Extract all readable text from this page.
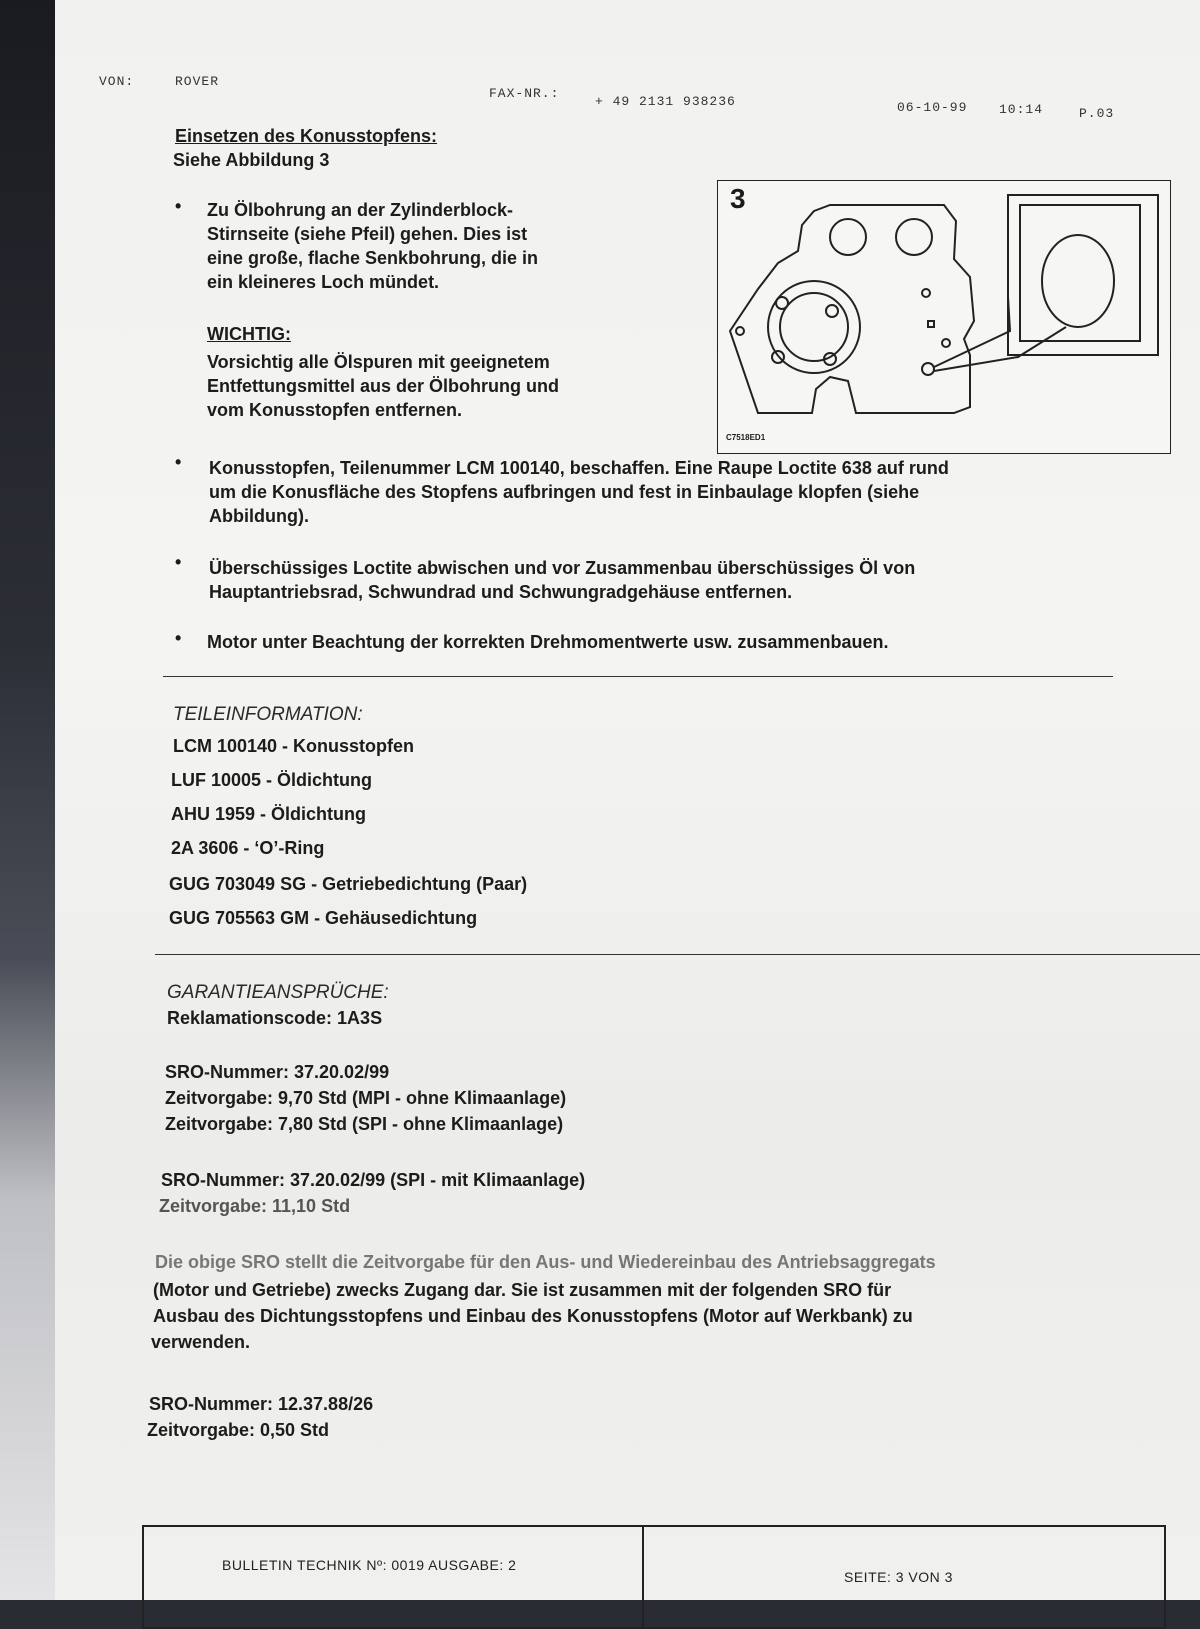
VON:	ROVER
FAX-NR.:
+ 49 2131 938236	06-10-99 10:14	P.03
Einsetzen des Konusstopfens:
Siehe Abbildung 3
• Zu Ölbohrung an der Zylinderblock-
Stirnseite (siehe Pfeil) gehen. Dies ist
eine große, flache Senkbohrung, die in
ein kleineres Loch mündet.
WICHTIG:
Vorsichtig alle Ölspuren mit geeignetem
Entfettungsmittel aus der Ölbohrung und
vom Konusstopfen entfernen.
3
C7518ED1
• Konusstopfen, Teilenummer LCM 100140, beschaffen. Eine Raupe Loctite 638 auf rund
um die Konusfläche des Stopfens aufbringen und fest in Einbaulage klopfen (siehe
Abbildung).
• Überschüssiges Loctite abwischen und vor Zusammenbau überschüssiges Öl von
Hauptantriebsrad, Schwundrad und Schwungradgehäuse entfernen.
• Motor unter Beachtung der korrekten Drehmomentwerte usw. zusammenbauen.
TEILEINFORMATION:
LCM 100140 - Konusstopfen
LUF 10005 - Öldichtung
AHU 1959 - Öldichtung
2A 3606 - ‘O’-Ring
GUG 703049 SG - Getriebedichtung (Paar)
GUG 705563 GM - Gehäusedichtung
GARANTIEANSPRÜCHE:
Reklamationscode: 1A3S
SRO-Nummer: 37.20.02/99
Zeitvorgabe: 9,70 Std (MPI - ohne Klimaanlage)
Zeitvorgabe: 7,80 Std (SPI - ohne Klimaanlage)
SRO-Nummer: 37.20.02/99 (SPI - mit Klimaanlage)
Zeitvorgabe: 11,10 Std
Die obige SRO stellt die Zeitvorgabe für den Aus- und Wiedereinbau des Antriebsaggregats
(Motor und Getriebe) zwecks Zugang dar. Sie ist zusammen mit der folgenden SRO für
Ausbau des Dichtungsstopfens und Einbau des Konusstopfens (Motor auf Werkbank) zu
verwenden.
SRO-Nummer: 12.37.88/26
Zeitvorgabe: 0,50 Std
BULLETIN TECHNIK Nº: 0019 AUSGABE: 2
SEITE: 3 VON 3
